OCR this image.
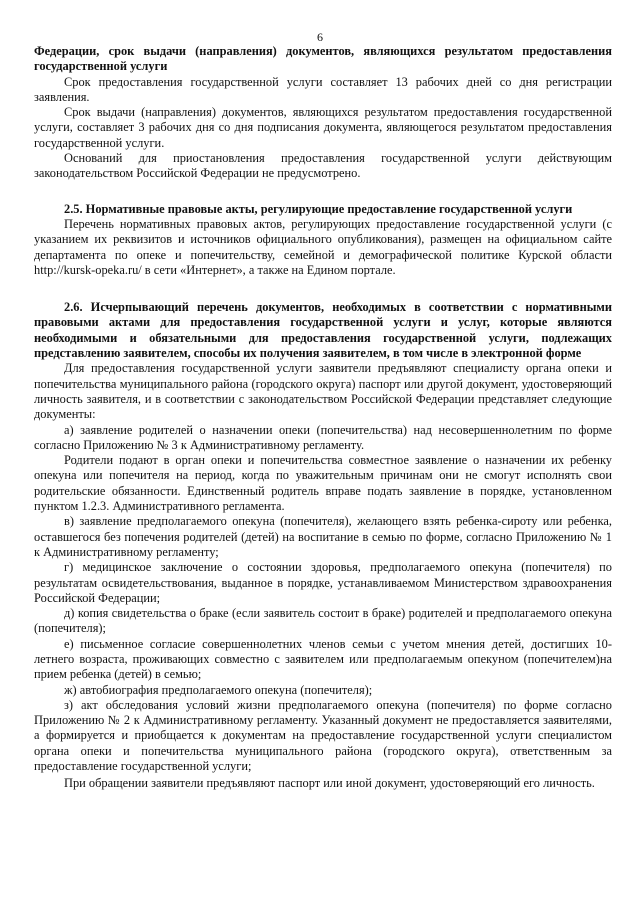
6

Федерации, срок выдачи (направления) документов, являющихся результатом предоставления государственной услуги

Срок предоставления государственной услуги составляет 13 рабочих дней со дня регистрации заявления.

Срок выдачи (направления) документов, являющихся результатом предоставления государственной услуги, составляет 3 рабочих дня со дня подписания документа, являющегося результатом предоставления государственной услуги.

Оснований для приостановления предоставления государственной услуги действующим законодательством Российской Федерации не предусмотрено.

2.5. Нормативные правовые акты, регулирующие предоставление государственной услуги

Перечень нормативных правовых актов, регулирующих предоставление государственной услуги (с указанием их реквизитов и источников официального опубликования), размещен на официальном сайте департамента по опеке и попечительству, семейной и демографической политике Курской области http://kursk-opeka.ru/ в сети «Интернет», а также на Едином портале.

2.6. Исчерпывающий перечень документов, необходимых в соответствии с нормативными правовыми актами для предоставления государственной услуги и услуг, которые являются необходимыми и обязательными для предоставления государственной услуги, подлежащих представлению заявителем, способы их получения заявителем, в том числе в электронной форме

Для предоставления государственной услуги заявители предъявляют специалисту органа опеки и попечительства муниципального района (городского округа) паспорт или другой документ, удостоверяющий личность заявителя, и в соответствии с законодательством Российской Федерации представляет следующие документы:

а) заявление родителей о назначении опеки (попечительства) над несовершеннолетним по форме согласно Приложению № 3 к Административному регламенту.

Родители подают в орган опеки и попечительства совместное заявление о назначении их ребенку опекуна или попечителя на период, когда по уважительным причинам они не смогут исполнять свои родительские обязанности. Единственный родитель вправе подать заявление в порядке, установленном пунктом 1.2.3. Административного регламента.

в) заявление предполагаемого опекуна (попечителя), желающего взять ребенка-сироту или ребенка, оставшегося без попечения родителей (детей) на воспитание в семью по форме, согласно Приложению № 1 к Административному регламенту;

г) медицинское заключение о состоянии здоровья, предполагаемого опекуна (попечителя) по результатам освидетельствования, выданное в порядке, устанавливаемом Министерством здравоохранения Российской Федерации;

д) копия свидетельства о браке (если заявитель состоит в браке) родителей и предполагаемого опекуна (попечителя);

е) письменное согласие совершеннолетних членов семьи с учетом мнения детей, достигших 10-летнего возраста, проживающих совместно с заявителем или предполагаемым опекуном (попечителем)на прием ребенка (детей) в семью;

ж) автобиография предполагаемого опекуна (попечителя);

з) акт обследования условий жизни предполагаемого опекуна (попечителя) по форме согласно Приложению № 2 к Административному регламенту. Указанный документ не предоставляется заявителями, а формируется и приобщается к документам на предоставление государственной услуги специалистом органа опеки и попечительства муниципального района (городского округа), ответственным за предоставление государственной услуги;

При обращении заявители предъявляют паспорт или иной документ, удостоверяющий его личность.
